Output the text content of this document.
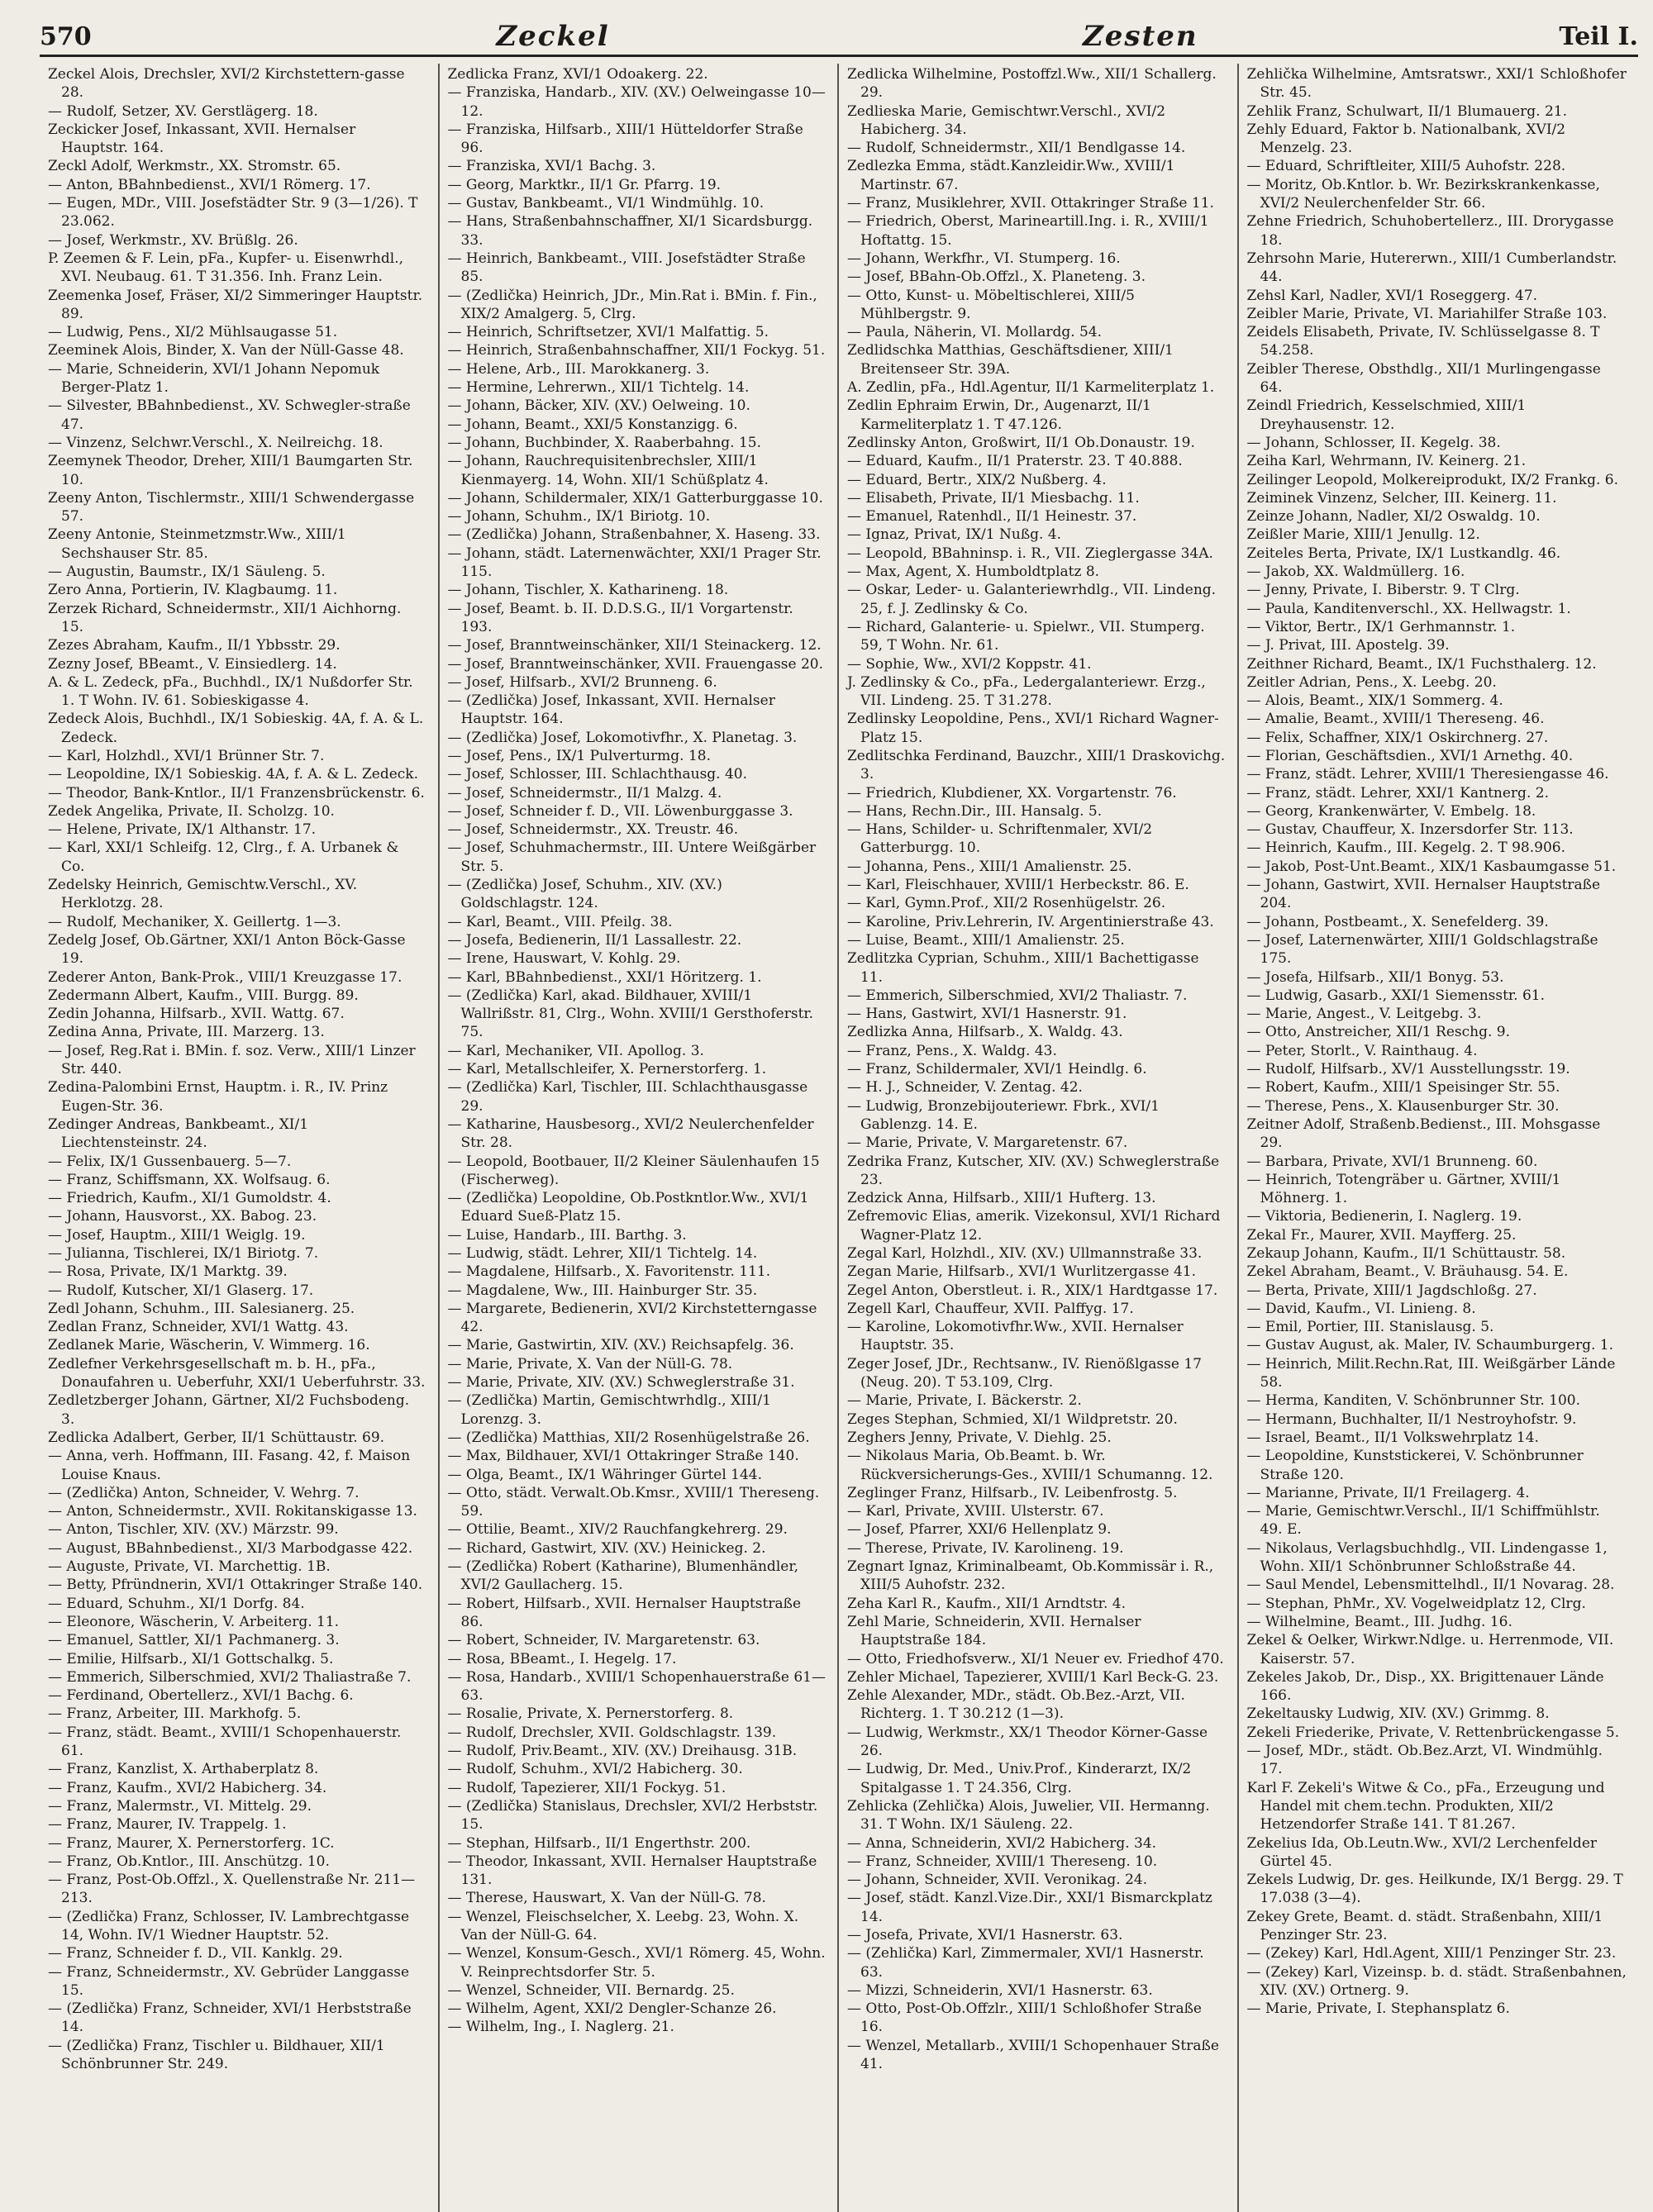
570	Zeckel	Zesten	Teil I.

Zeckel Alois, Drechsler, XVI/2 Kirchstettern-gasse 28.

— Rudolf, Setzer, XV. Gerstlägerg. 18.

Zeckicker Josef, Inkassant, XVII. Hernalser Hauptstr. 164.

Zeckl Adolf, Werkmstr., XX. Stromstr. 65.

— Anton, BBahnbedienst., XVI/1 Römerg. 17.

— Eugen, MDr., VIII. Josefstädter Str. 9 (3—1/26). T 23.062.

— Josef, Werkmstr., XV. Brüßlg. 26.

P. Zeemen & F. Lein, pFa., Kupfer- u. Eisenwrhdl., XVI. Neubaug. 61. T 31.356. Inh. Franz Lein.

Zeemenka Josef, Fräser, XI/2 Simmeringer Hauptstr. 89.

— Ludwig, Pens., XI/2 Mühlsaugasse 51.

Zeeminek Alois, Binder, X. Van der Nüll-Gasse 48.

— Marie, Schneiderin, XVI/1 Johann Nepomuk Berger-Platz 1.

— Silvester, BBahnbedienst., XV. Schwegler-straße 47.

— Vinzenz, Selchwr.Verschl., X. Neilreichg. 18.

Zeemynek Theodor, Dreher, XIII/1 Baumgarten Str. 10.

Zeeny Anton, Tischlermstr., XIII/1 Schwendergasse 57.

Zeeny Antonie, Steinmetzmstr.Ww., XIII/1 Sechshauser Str. 85.

— Augustin, Baumstr., IX/1 Säuleng. 5.

Zero Anna, Portierin, IV. Klagbaumg. 11.

Zerzek Richard, Schneidermstr., XII/1 Aichhorng. 15.

Zezes Abraham, Kaufm., II/1 Ybbsstr. 29.

Zezny Josef, BBeamt., V. Einsiedlerg. 14.

A. & L. Zedeck, pFa., Buchhdl., IX/1 Nußdorfer Str. 1. T Wohn. IV. 61. Sobieskigasse 4.

Zedeck Alois, Buchhdl., IX/1 Sobieskig. 4A, f. A. & L. Zedeck.

— Karl, Holzhdl., XVI/1 Brünner Str. 7.

— Leopoldine, IX/1 Sobieskig. 4A, f. A. & L. Zedeck.

— Theodor, Bank-Kntlor., II/1 Franzensbrückenstr. 6.

Zedek Angelika, Private, II. Scholzg. 10.

— Helene, Private, IX/1 Althanstr. 17.

— Karl, XXI/1 Schleifg. 12, Clrg., f. A. Urbanek & Co.

Zedelsky Heinrich, Gemischtw.Verschl., XV. Herklotzg. 28.

— Rudolf, Mechaniker, X. Geillertg. 1—3.

Zedelg Josef, Ob.Gärtner, XXI/1 Anton Böck-Gasse 19.

Zederer Anton, Bank-Prok., VIII/1 Kreuzgasse 17.

Zedermann Albert, Kaufm., VIII. Burgg. 89.

Zedin Johanna, Hilfsarb., XVII. Wattg. 67.

Zedina Anna, Private, III. Marzerg. 13.

— Josef, Reg.Rat i. BMin. f. soz. Verw., XIII/1 Linzer Str. 440.

Zedina-Palombini Ernst, Hauptm. i. R., IV. Prinz Eugen-Str. 36.

Zedinger Andreas, Bankbeamt., XI/1 Liechtensteinstr. 24.

— Felix, IX/1 Gussenbauerg. 5—7.

— Franz, Schiffsmann, XX. Wolfsaug. 6.

— Friedrich, Kaufm., XI/1 Gumoldstr. 4.

— Johann, Hausvorst., XX. Babog. 23.

— Josef, Hauptm., XIII/1 Weiglg. 19.

— Julianna, Tischlerei, IX/1 Biriotg. 7.

— Rosa, Private, IX/1 Marktg. 39.

— Rudolf, Kutscher, XI/1 Glaserg. 17.

Zedl Johann, Schuhm., III. Salesianerg. 25.

Zedlan Franz, Schneider, XVI/1 Wattg. 43.

Zedlanek Marie, Wäscherin, V. Wimmerg. 16.

Zedlefner Verkehrsgesellschaft m. b. H., pFa., Donaufahren u. Ueberfuhr, XXI/1 Ueberfuhrstr. 33.

Zedletzberger Johann, Gärtner, XI/2 Fuchsbodeng. 3.

Zedlicka Adalbert, Gerber, II/1 Schüttaustr. 69.

— Anna, verh. Hoffmann, III. Fasang. 42, f. Maison Louise Knaus.

— (Zedlička) Anton, Schneider, V. Wehrg. 7.

— Anton, Schneidermstr., XVII. Rokitanskigasse 13.

— Anton, Tischler, XIV. (XV.) Märzstr. 99.

— August, BBahnbedienst., XI/3 Marbodgasse 422.

— Auguste, Private, VI. Marchettig. 1B.

— Betty, Pfründnerin, XVI/1 Ottakringer Straße 140.

— Eduard, Schuhm., XI/1 Dorfg. 84.

— Eleonore, Wäscherin, V. Arbeiterg. 11.

— Emanuel, Sattler, XI/1 Pachmanerg. 3.

— Emilie, Hilfsarb., XI/1 Gottschalkg. 5.

— Emmerich, Silberschmied, XVI/2 Thaliastraße 7.

— Ferdinand, Obertellerz., XVI/1 Bachg. 6.

— Franz, Arbeiter, III. Markhofg. 5.

— Franz, städt. Beamt., XVIII/1 Schopenhauerstr. 61.

— Franz, Kanzlist, X. Arthaberplatz 8.

— Franz, Kaufm., XVI/2 Habicherg. 34.

— Franz, Malermstr., VI. Mittelg. 29.

— Franz, Maurer, IV. Trappelg. 1.

— Franz, Maurer, X. Pernerstorferg. 1C.

— Franz, Ob.Kntlor., III. Anschützg. 10.

— Franz, Post-Ob.Offzl., X. Quellenstraße Nr. 211—213.

— (Zedlička) Franz, Schlosser, IV. Lambrechtgasse 14, Wohn. IV/1 Wiedner Hauptstr. 52.

— Franz, Schneider f. D., VII. Kanklg. 29.

— Franz, Schneidermstr., XV. Gebrüder Langgasse 15.

— (Zedlička) Franz, Schneider, XVI/1 Herbststraße 14.

— (Zedlička) Franz, Tischler u. Bildhauer, XII/1 Schönbrunner Str. 249.

Zedlicka Franz, XVI/1 Odoakerg. 22.

— Franziska, Handarb., XIV. (XV.) Oelweingasse 10—12.

— Franziska, Hilfsarb., XIII/1 Hütteldorfer Straße 96.

— Franziska, XVI/1 Bachg. 3.

— Georg, Marktkr., II/1 Gr. Pfarrg. 19.

— Gustav, Bankbeamt., VI/1 Windmühlg. 10.

— Hans, Straßenbahnschaffner, XI/1 Sicardsburgg. 33.

— Heinrich, Bankbeamt., VIII. Josefstädter Straße 85.

— (Zedlička) Heinrich, JDr., Min.Rat i. BMin. f. Fin., XIX/2 Amalgerg. 5, Clrg.

— Heinrich, Schriftsetzer, XVI/1 Malfattig. 5.

— Heinrich, Straßenbahnschaffner, XII/1 Fockyg. 51.

— Helene, Arb., III. Marokkanerg. 3.

— Hermine, Lehrerwn., XII/1 Tichtelg. 14.

— Johann, Bäcker, XIV. (XV.) Oelweing. 10.

— Johann, Beamt., XXI/5 Konstanzigg. 6.

— Johann, Buchbinder, X. Raaberbahng. 15.

— Johann, Rauchrequisitenbrechsler, XIII/1 Kienmayerg. 14, Wohn. XII/1 Schüßplatz 4.

— Johann, Schildermaler, XIX/1 Gatterburggasse 10.

— Johann, Schuhm., IX/1 Biriotg. 10.

— (Zedlička) Johann, Straßenbahner, X. Haseng. 33.

— Johann, städt. Laternenwächter, XXI/1 Prager Str. 115.

— Johann, Tischler, X. Katharineng. 18.

— Josef, Beamt. b. II. D.D.S.G., II/1 Vorgartenstr. 193.

— Josef, Branntweinschänker, XII/1 Steinackerg. 12.

— Josef, Branntweinschänker, XVII. Frauengasse 20.

— Josef, Hilfsarb., XVI/2 Brunneng. 6.

— (Zedlička) Josef, Inkassant, XVII. Hernalser Hauptstr. 164.

— (Zedlička) Josef, Lokomotivfhr., X. Planetag. 3.

— Josef, Pens., IX/1 Pulverturmg. 18.

— Josef, Schlosser, III. Schlachthausg. 40.

— Josef, Schneidermstr., II/1 Malzg. 4.

— Josef, Schneider f. D., VII. Löwenburggasse 3.

— Josef, Schneidermstr., XX. Treustr. 46.

— Josef, Schuhmachermstr., III. Untere Weißgärber Str. 5.

— (Zedlička) Josef, Schuhm., XIV. (XV.) Goldschlagstr. 124.

— Karl, Beamt., VIII. Pfeilg. 38.

— Josefa, Bedienerin, II/1 Lassallestr. 22.

— Irene, Hauswart, V. Kohlg. 29.

— Karl, BBahnbedienst., XXI/1 Höritzerg. 1.

— (Zedlička) Karl, akad. Bildhauer, XVIII/1 Wallrißstr. 81, Clrg., Wohn. XVIII/1 Gersthoferstr. 75.

— Karl, Mechaniker, VII. Apollog. 3.

— Karl, Metallschleifer, X. Pernerstorferg. 1.

— (Zedlička) Karl, Tischler, III. Schlachthausgasse 29.

— Katharine, Hausbesorg., XVI/2 Neulerchenfelder Str. 28.

— Leopold, Bootbauer, II/2 Kleiner Säulenhaufen 15 (Fischerweg).

— (Zedlička) Leopoldine, Ob.Postkntlor.Ww., XVI/1 Eduard Sueß-Platz 15.

— Luise, Handarb., III. Barthg. 3.

— Ludwig, städt. Lehrer, XII/1 Tichtelg. 14.

— Magdalene, Hilfsarb., X. Favoritenstr. 111.

— Magdalene, Ww., III. Hainburger Str. 35.

— Margarete, Bedienerin, XVI/2 Kirchstetterngasse 42.

— Marie, Gastwirtin, XIV. (XV.) Reichsapfelg. 36.

— Marie, Private, X. Van der Nüll-G. 78.

— Marie, Private, XIV. (XV.) Schweglerstraße 31.

— (Zedlička) Martin, Gemischtwrhdlg., XIII/1 Lorenzg. 3.

— (Zedlička) Matthias, XII/2 Rosenhügelstraße 26.

— Max, Bildhauer, XVI/1 Ottakringer Straße 140.

— Olga, Beamt., IX/1 Währinger Gürtel 144.

— Otto, städt. Verwalt.Ob.Kmsr., XVIII/1 Thereseng. 59.

— Ottilie, Beamt., XIV/2 Rauchfangkehrerg. 29.

— Richard, Gastwirt, XIV. (XV.) Heinickeg. 2.

— (Zedlička) Robert (Katharine), Blumenhändler, XVI/2 Gaullacherg. 15.

— Robert, Hilfsarb., XVII. Hernalser Hauptstraße 86.

— Robert, Schneider, IV. Margaretenstr. 63.

— Rosa, BBeamt., I. Hegelg. 17.

— Rosa, Handarb., XVIII/1 Schopenhauerstraße 61—63.

— Rosalie, Private, X. Pernerstorferg. 8.

— Rudolf, Drechsler, XVII. Goldschlagstr. 139.

— Rudolf, Priv.Beamt., XIV. (XV.) Dreihausg. 31B.

— Rudolf, Schuhm., XVI/2 Habicherg. 30.

— Rudolf, Tapezierer, XII/1 Fockyg. 51.

— (Zedlička) Stanislaus, Drechsler, XVI/2 Herbststr. 15.

— Stephan, Hilfsarb., II/1 Engerthstr. 200.

— Theodor, Inkassant, XVII. Hernalser Hauptstraße 131.

— Therese, Hauswart, X. Van der Nüll-G. 78.

— Wenzel, Fleischselcher, X. Leebg. 23, Wohn. X. Van der Nüll-G. 64.

— Wenzel, Konsum-Gesch., XVI/1 Römerg. 45, Wohn. V. Reinprechtsdorfer Str. 5.

— Wenzel, Schneider, VII. Bernardg. 25.

— Wilhelm, Agent, XXI/2 Dengler-Schanze 26.

— Wilhelm, Ing., I. Naglerg. 21.

Zedlicka Wilhelmine, Postoffzl.Ww., XII/1 Schallerg. 29.

Zedlieska Marie, Gemischtwr.Verschl., XVI/2 Habicherg. 34.

— Rudolf, Schneidermstr., XII/1 Bendlgasse 14.

Zedlezka Emma, städt.Kanzleidir.Ww., XVIII/1 Martinstr. 67.

— Franz, Musiklehrer, XVII. Ottakringer Straße 11.

— Friedrich, Oberst, Marineartill.Ing. i. R., XVIII/1 Hoftattg. 15.

— Johann, Werkfhr., VI. Stumperg. 16.

— Josef, BBahn-Ob.Offzl., X. Planeteng. 3.

— Otto, Kunst- u. Möbeltischlerei, XIII/5 Mühlbergstr. 9.

— Paula, Näherin, VI. Mollardg. 54.

Zedlidschka Matthias, Geschäftsdiener, XIII/1 Breitenseer Str. 39A.

A. Zedlin, pFa., Hdl.Agentur, II/1 Karmeliterplatz 1.

Zedlin Ephraim Erwin, Dr., Augenarzt, II/1 Karmeliterplatz 1. T 47.126.

Zedlinsky Anton, Großwirt, II/1 Ob.Donaustr. 19.

— Eduard, Kaufm., II/1 Praterstr. 23. T 40.888.

— Eduard, Bertr., XIX/2 Nußberg. 4.

— Elisabeth, Private, II/1 Miesbachg. 11.

— Emanuel, Ratenhdl., II/1 Heinestr. 37.

— Ignaz, Privat, IX/1 Nußg. 4.

— Leopold, BBahninsp. i. R., VII. Zieglergasse 34A.

— Max, Agent, X. Humboldtplatz 8.

— Oskar, Leder- u. Galanteriewrhdlg., VII. Lindeng. 25, f. J. Zedlinsky & Co.

— Richard, Galanterie- u. Spielwr., VII. Stumperg. 59, T Wohn. Nr. 61.

— Sophie, Ww., XVI/2 Koppstr. 41.

J. Zedlinsky & Co., pFa., Ledergalanteriewr. Erzg., VII. Lindeng. 25. T 31.278.

Zedlinsky Leopoldine, Pens., XVI/1 Richard Wagner-Platz 15.

Zedlitschka Ferdinand, Bauzchr., XIII/1 Draskovichg. 3.

— Friedrich, Klubdiener, XX. Vorgartenstr. 76.

— Hans, Rechn.Dir., III. Hansalg. 5.

— Hans, Schilder- u. Schriftenmaler, XVI/2 Gatterburgg. 10.

— Johanna, Pens., XIII/1 Amalienstr. 25.

— Karl, Fleischhauer, XVIII/1 Herbeckstr. 86. E.

— Karl, Gymn.Prof., XII/2 Rosenhügelstr. 26.

— Karoline, Priv.Lehrerin, IV. Argentinierstraße 43.

— Luise, Beamt., XIII/1 Amalienstr. 25.

Zedlitzka Cyprian, Schuhm., XIII/1 Bachettigasse 11.

— Emmerich, Silberschmied, XVI/2 Thaliastr. 7.

— Hans, Gastwirt, XVI/1 Hasnerstr. 91.

Zedlizka Anna, Hilfsarb., X. Waldg. 43.

— Franz, Pens., X. Waldg. 43.

— Franz, Schildermaler, XVI/1 Heindlg. 6.

— H. J., Schneider, V. Zentag. 42.

— Ludwig, Bronzebijouteriewr. Fbrk., XVI/1 Gablenzg. 14. E.

— Marie, Private, V. Margaretenstr. 67.

Zedrika Franz, Kutscher, XIV. (XV.) Schweglerstraße 23.

Zedzick Anna, Hilfsarb., XIII/1 Hufterg. 13.

Zefremovic Elias, amerik. Vizekonsul, XVI/1 Richard Wagner-Platz 12.

Zegal Karl, Holzhdl., XIV. (XV.) Ullmannstraße 33.

Zegan Marie, Hilfsarb., XVI/1 Wurlitzergasse 41.

Zegel Anton, Oberstleut. i. R., XIX/1 Hardtgasse 17.

Zegell Karl, Chauffeur, XVII. Palffyg. 17.

— Karoline, Lokomotivfhr.Ww., XVII. Hernalser Hauptstr. 35.

Zeger Josef, JDr., Rechtsanw., IV. Rienößlgasse 17 (Neug. 20). T 53.109, Clrg.

— Marie, Private, I. Bäckerstr. 2.

Zeges Stephan, Schmied, XI/1 Wildpretstr. 20.

Zeghers Jenny, Private, V. Diehlg. 25.

— Nikolaus Maria, Ob.Beamt. b. Wr. Rückversicherungs-Ges., XVIII/1 Schumanng. 12.

Zeglinger Franz, Hilfsarb., IV. Leibenfrostg. 5.

— Karl, Private, XVIII. Ulsterstr. 67.

— Josef, Pfarrer, XXI/6 Hellenplatz 9.

— Therese, Private, IV. Karolineng. 19.

Zegnart Ignaz, Kriminalbeamt, Ob.Kommissär i. R., XIII/5 Auhofstr. 232.

Zeha Karl R., Kaufm., XII/1 Arndtstr. 4.

Zehl Marie, Schneiderin, XVII. Hernalser Hauptstraße 184.

— Otto, Friedhofsverw., XI/1 Neuer ev. Friedhof 470.

Zehler Michael, Tapezierer, XVIII/1 Karl Beck-G. 23.

Zehle Alexander, MDr., städt. Ob.Bez.-Arzt, VII. Richterg. 1. T 30.212 (1—3).

— Ludwig, Werkmstr., XX/1 Theodor Körner-Gasse 26.

— Ludwig, Dr. Med., Univ.Prof., Kinderarzt, IX/2 Spitalgasse 1. T 24.356, Clrg.

Zehlicka (Zehlička) Alois, Juwelier, VII. Hermanng. 31. T Wohn. IX/1 Säuleng. 22.

— Anna, Schneiderin, XVI/2 Habicherg. 34.

— Franz, Schneider, XVIII/1 Thereseng. 10.

— Johann, Schneider, XVII. Veronikag. 24.

— Josef, städt. Kanzl.Vize.Dir., XXI/1 Bismarckplatz 14.

— Josefa, Private, XVI/1 Hasnerstr. 63.

— (Zehlička) Karl, Zimmermaler, XVI/1 Hasnerstr. 63.

— Mizzi, Schneiderin, XVI/1 Hasnerstr. 63.

— Otto, Post-Ob.Offzlr., XIII/1 Schloßhofer Straße 16.

— Wenzel, Metallarb., XVIII/1 Schopenhauer Straße 41.

Zehlička Wilhelmine, Amtsratswr., XXI/1 Schloßhofer Str. 45.

Zehlik Franz, Schulwart, II/1 Blumauerg. 21.

Zehly Eduard, Faktor b. Nationalbank, XVI/2 Menzelg. 23.

— Eduard, Schriftleiter, XIII/5 Auhofstr. 228.

— Moritz, Ob.Kntlor. b. Wr. Bezirkskrankenkasse, XVI/2 Neulerchenfelder Str. 66.

Zehne Friedrich, Schuhobertellerz., III. Drorygasse 18.

Zehrsohn Marie, Hutererwn., XIII/1 Cumberlandstr. 44.

Zehsl Karl, Nadler, XVI/1 Roseggerg. 47.

Zeibler Marie, Private, VI. Mariahilfer Straße 103.

Zeidels Elisabeth, Private, IV. Schlüsselgasse 8. T 54.258.

Zeibler Therese, Obsthdlg., XII/1 Murlingengasse 64.

Zeindl Friedrich, Kesselschmied, XIII/1 Dreyhausenstr. 12.

— Johann, Schlosser, II. Kegelg. 38.

Zeiha Karl, Wehrmann, IV. Keinerg. 21.

Zeilinger Leopold, Molkereiprodukt, IX/2 Frankg. 6.

Zeiminek Vinzenz, Selcher, III. Keinerg. 11.

Zeinze Johann, Nadler, XI/2 Oswaldg. 10.

Zeißler Marie, XIII/1 Jenullg. 12.

Zeiteles Berta, Private, IX/1 Lustkandlg. 46.

— Jakob, XX. Waldmüllerg. 16.

— Jenny, Private, I. Biberstr. 9. T Clrg.

— Paula, Kanditenverschl., XX. Hellwagstr. 1.

— Viktor, Bertr., IX/1 Gerhmannstr. 1.

— J. Privat, III. Apostelg. 39.

Zeithner Richard, Beamt., IX/1 Fuchsthalerg. 12.

Zeitler Adrian, Pens., X. Leebg. 20.

— Alois, Beamt., XIX/1 Sommerg. 4.

— Amalie, Beamt., XVIII/1 Thereseng. 46.

— Felix, Schaffner, XIX/1 Oskirchnerg. 27.

— Florian, Geschäftsdien., XVI/1 Arnethg. 40.

— Franz, städt. Lehrer, XVIII/1 Theresiengasse 46.

— Franz, städt. Lehrer, XXI/1 Kantnerg. 2.

— Georg, Krankenwärter, V. Embelg. 18.

— Gustav, Chauffeur, X. Inzersdorfer Str. 113.

— Heinrich, Kaufm., III. Kegelg. 2. T 98.906.

— Jakob, Post-Unt.Beamt., XIX/1 Kasbaumgasse 51.

— Johann, Gastwirt, XVII. Hernalser Hauptstraße 204.

— Johann, Postbeamt., X. Senefelderg. 39.

— Josef, Laternenwärter, XIII/1 Goldschlagstraße 175.

— Josefa, Hilfsarb., XII/1 Bonyg. 53.

— Ludwig, Gasarb., XXI/1 Siemensstr. 61.

— Marie, Angest., V. Leitgebg. 3.

— Otto, Anstreicher, XII/1 Reschg. 9.

— Peter, Storlt., V. Rainthaug. 4.

— Rudolf, Hilfsarb., XV/1 Ausstellungsstr. 19.

— Robert, Kaufm., XIII/1 Speisinger Str. 55.

— Therese, Pens., X. Klausenburger Str. 30.

Zeitner Adolf, Straßenb.Bedienst., III. Mohsgasse 29.

— Barbara, Private, XVI/1 Brunneng. 60.

— Heinrich, Totengräber u. Gärtner, XVIII/1 Möhnerg. 1.

— Viktoria, Bedienerin, I. Naglerg. 19.

Zekal Fr., Maurer, XVII. Mayfferg. 25.

Zekaup Johann, Kaufm., II/1 Schüttaustr. 58.

Zekel Abraham, Beamt., V. Bräuhausg. 54. E.

— Berta, Private, XIII/1 Jagdschloßg. 27.

— David, Kaufm., VI. Linieng. 8.

— Emil, Portier, III. Stanislausg. 5.

— Gustav August, ak. Maler, IV. Schaumburgerg. 1.

— Heinrich, Milit.Rechn.Rat, III. Weißgärber Lände 58.

— Herma, Kanditen, V. Schönbrunner Str. 100.

— Hermann, Buchhalter, II/1 Nestroyhofstr. 9.

— Israel, Beamt., II/1 Volkswehrplatz 14.

— Leopoldine, Kunststickerei, V. Schönbrunner Straße 120.

— Marianne, Private, II/1 Freilagerg. 4.

— Marie, Gemischtwr.Verschl., II/1 Schiffmühlstr. 49. E.

— Nikolaus, Verlagsbuchhdlg., VII. Lindengasse 1, Wohn. XII/1 Schönbrunner Schloßstraße 44.

— Saul Mendel, Lebensmittelhdl., II/1 Novarag. 28.

— Stephan, PhMr., XV. Vogelweidplatz 12, Clrg.

— Wilhelmine, Beamt., III. Judhg. 16.

Zekel & Oelker, Wirkwr.Ndlge. u. Herrenmode, VII. Kaiserstr. 57.

Zekeles Jakob, Dr., Disp., XX. Brigittenauer Lände 166.

Zekeltausky Ludwig, XIV. (XV.) Grimmg. 8.

Zekeli Friederike, Private, V. Rettenbrückengasse 5.

— Josef, MDr., städt. Ob.Bez.Arzt, VI. Windmühlg. 17.

Karl F. Zekeli's Witwe & Co., pFa., Erzeugung und Handel mit chem.techn. Produkten, XII/2 Hetzendorfer Straße 141. T 81.267.

Zekelius Ida, Ob.Leutn.Ww., XVI/2 Lerchenfelder Gürtel 45.

Zekels Ludwig, Dr. ges. Heilkunde, IX/1 Bergg. 29. T 17.038 (3—4).

Zekey Grete, Beamt. d. städt. Straßenbahn, XIII/1 Penzinger Str. 23.

— (Zekey) Karl, Hdl.Agent, XIII/1 Penzinger Str. 23.

— (Zekey) Karl, Vizeinsp. b. d. städt. Straßenbahnen, XIV. (XV.) Ortnerg. 9.

— Marie, Private, I. Stephansplatz 6.
